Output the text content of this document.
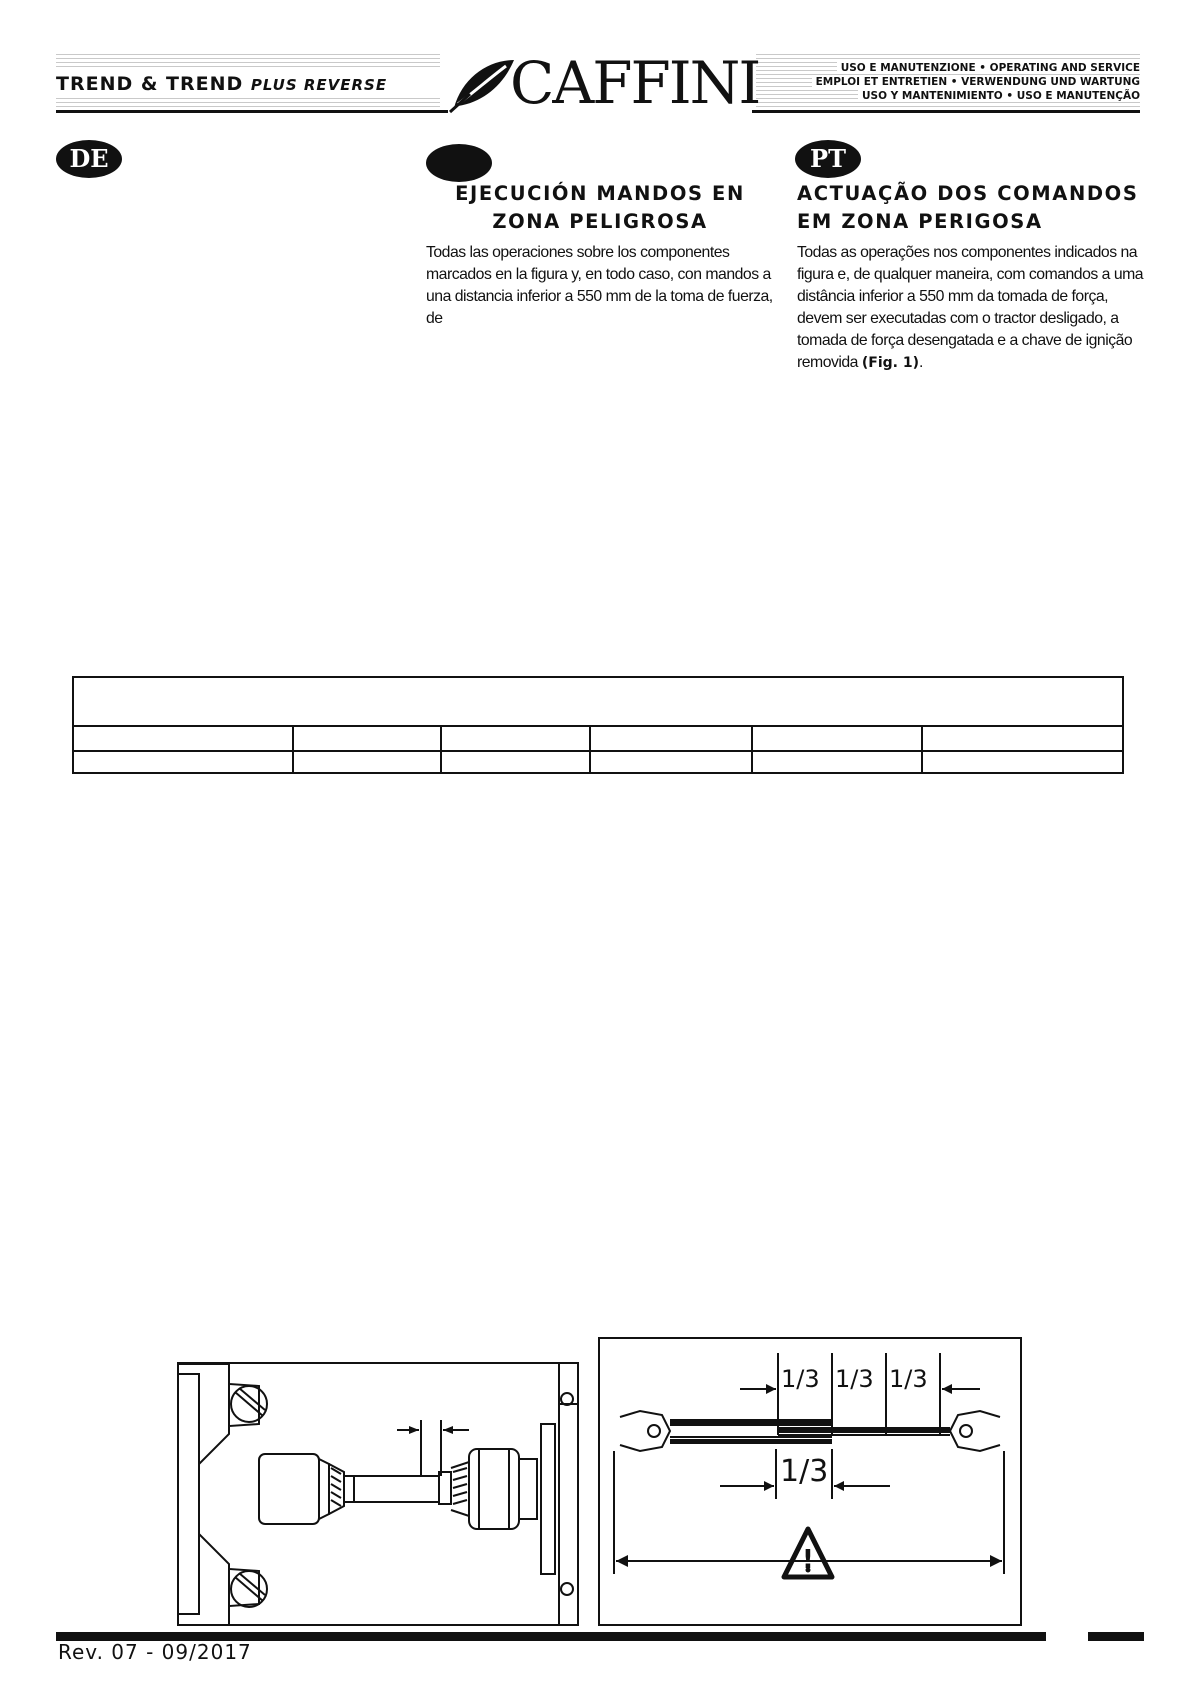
TREND & TREND PLUS REVERSE	CAFFINI	USO E MANUTENZIONE • OPERATING AND SERVICE
EMPLOI ET ENTRETIEN • VERWENDUNG UND WARTUNG
USO Y MANTENIMIENTO • USO E MANUTENÇÃO
DE	PT
EJECUCIÓN MANDOS EN ZONA PELIGROSA
Todas las operaciones sobre los componentes marcados en la figura y, en todo caso, con mandos a una distancia inferior a 550 mm de la toma de fuerza, de
ACTUAÇÃO DOS COMANDOS EM ZONA PERIGOSA
Todas as operações nos componentes indicados na figura e, de qualquer maneira, com comandos a uma distância inferior a 550 mm da tomada de força, devem ser executadas com o tractor desligado, a tomada de força desengatada e a chave de ignição removida (Fig. 1).
1/3 1/3 1/3
1/3
!
Rev. 07 - 09/2017
